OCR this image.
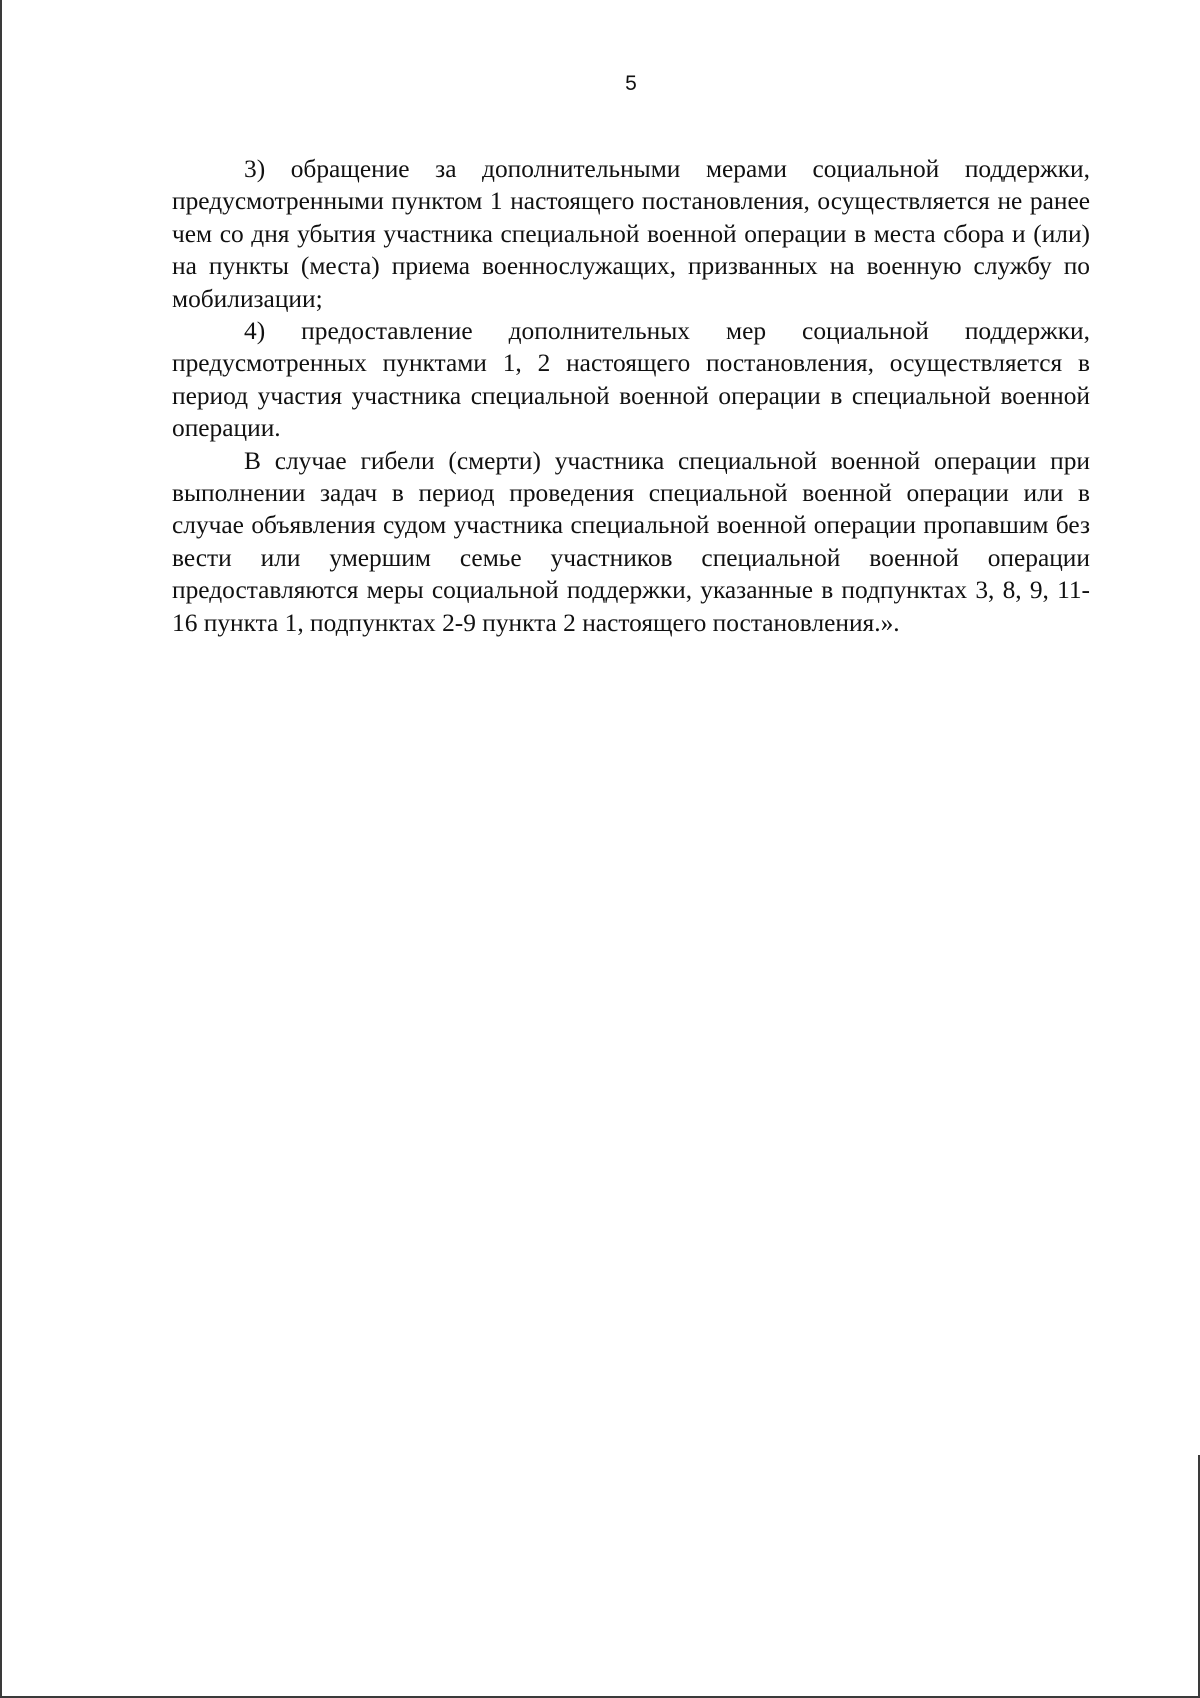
5

3) обращение за дополнительными мерами социальной поддержки, предусмотренными пунктом 1 настоящего постановления, осуществляется не ранее чем со дня убытия участника специальной военной операции в места сбора и (или) на пункты (места) приема военнослужащих, призванных на военную службу по мобилизации;

4) предоставление дополнительных мер социальной поддержки, предусмотренных пунктами 1, 2 настоящего постановления, осуществляется в период участия участника специальной военной операции в специальной военной операции.

В случае гибели (смерти) участника специальной военной операции при выполнении задач в период проведения специальной военной операции или в случае объявления судом участника специальной военной операции пропавшим без вести или умершим семье участников специальной военной операции предоставляются меры социальной поддержки, указанные в подпунктах 3, 8, 9, 11-16 пункта 1, подпунктах 2-9 пункта 2 настоящего постановления.».
